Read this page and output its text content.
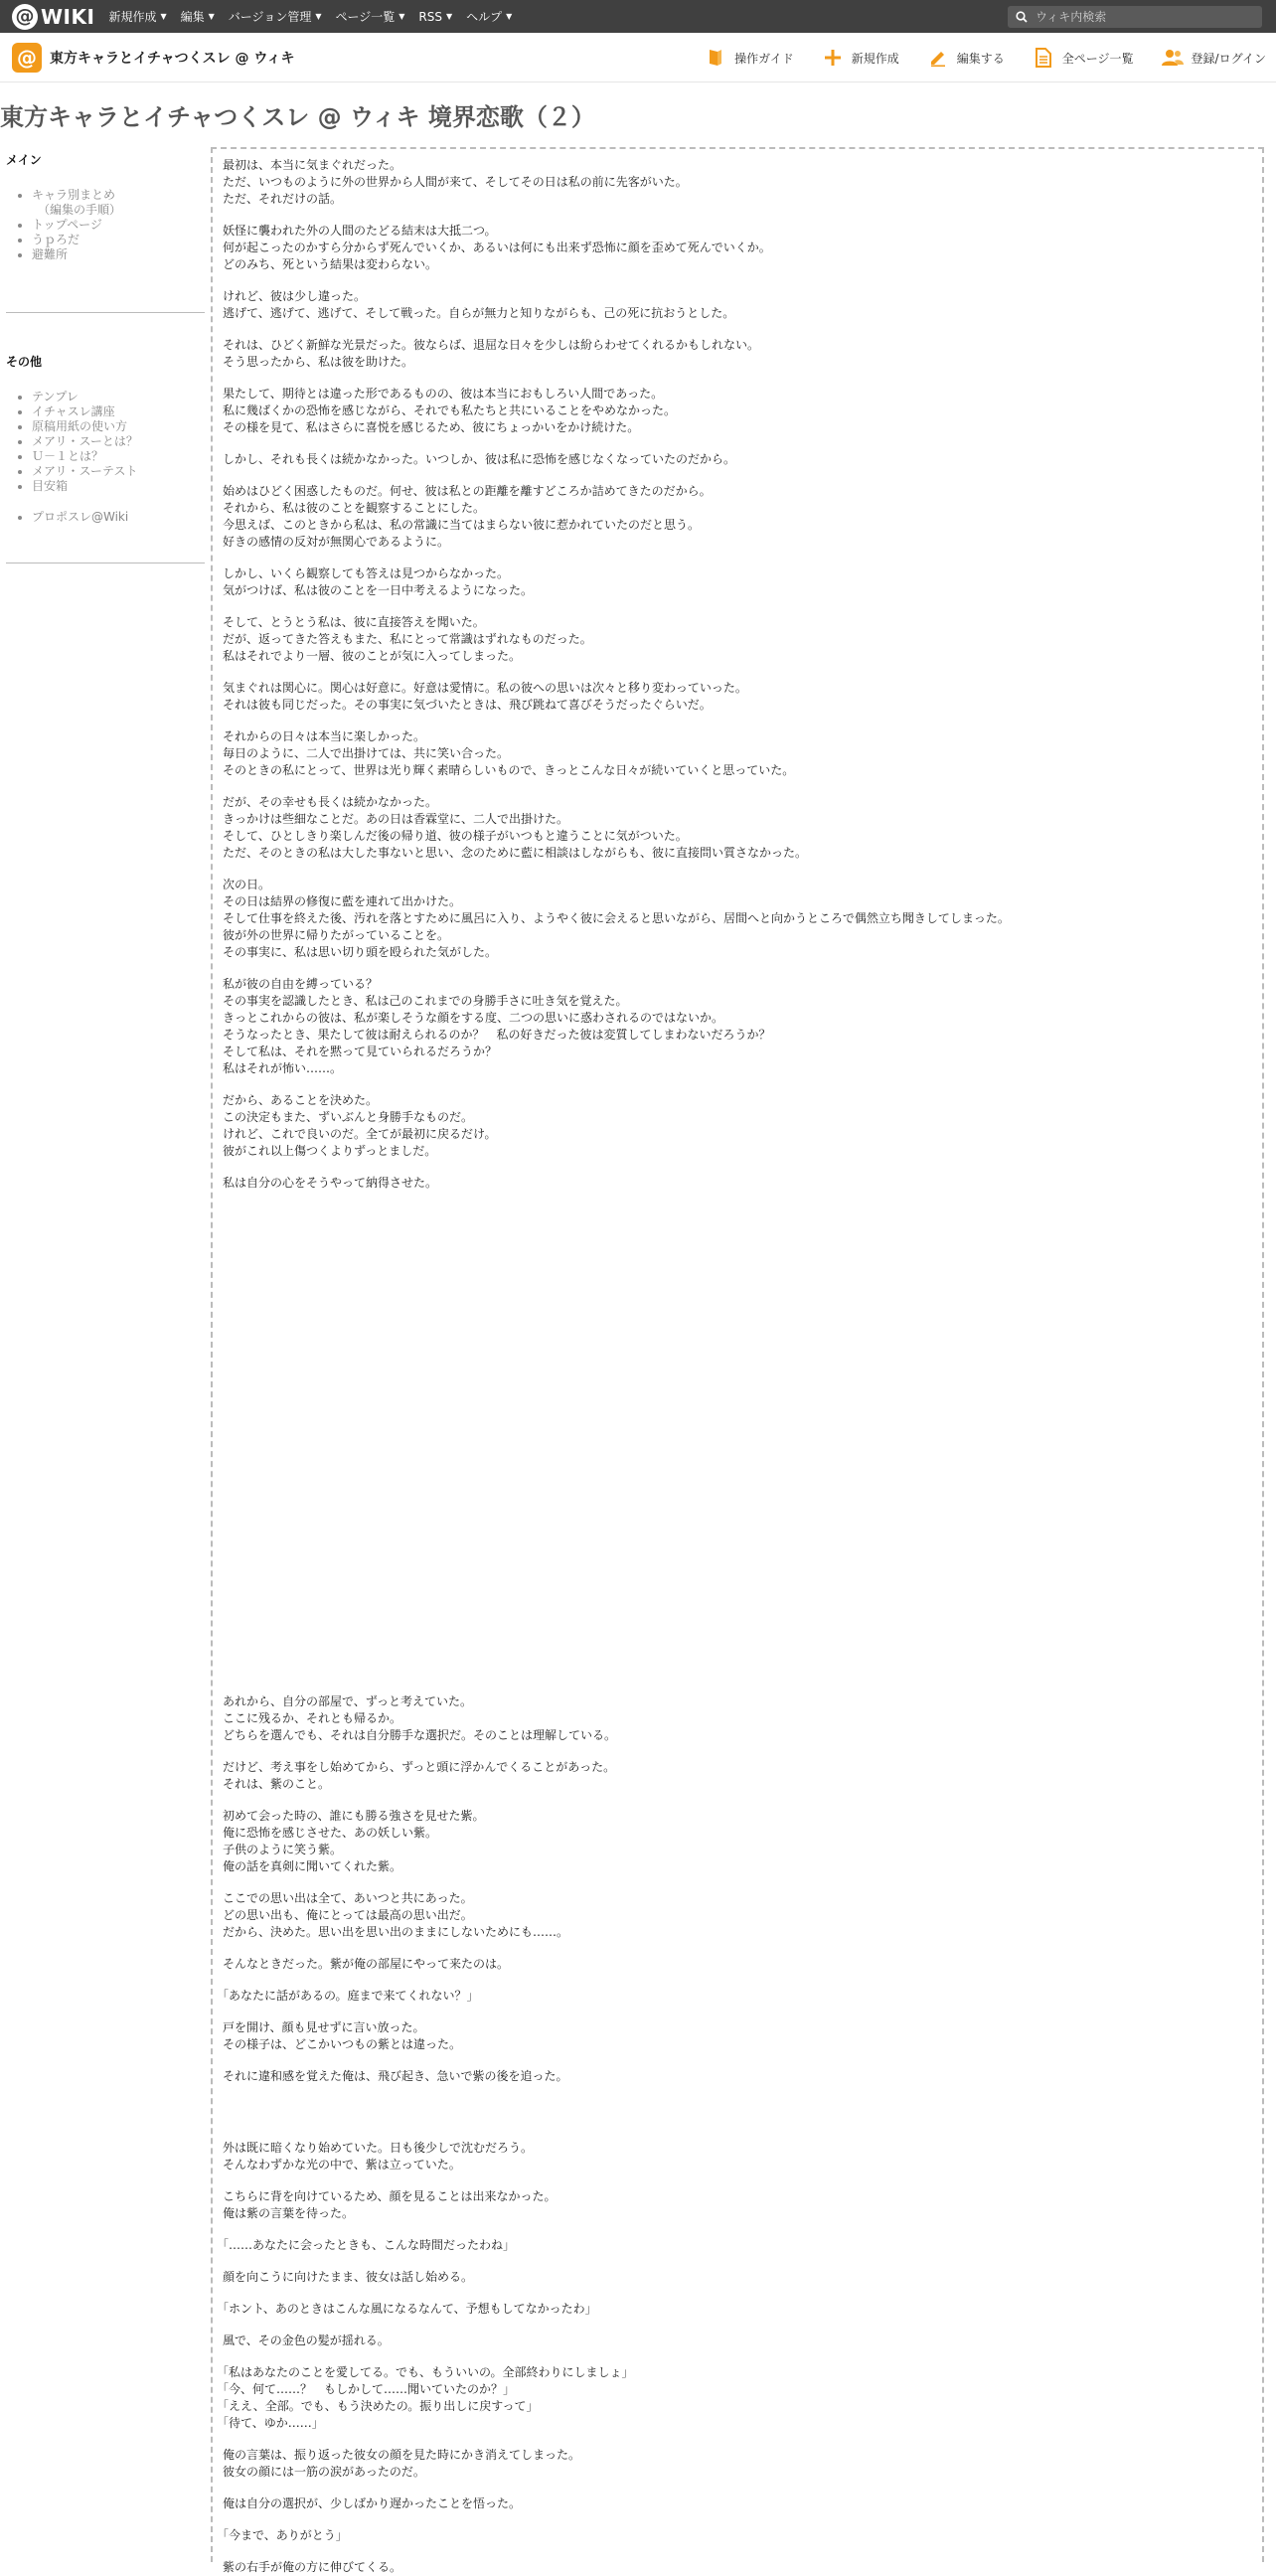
@ WIKI 新規作成 ▼ 編集 ▼ バージョン管理 ▼ ページ一覧 ▼ RSS ▼ ヘルプ ▼
ウィキ内検索
@ 東方キャラとイチャつくスレ @ ウィキ	操作ガイド	新規作成	編集する	全ページ一覧	登録/ログイン
東方キャラとイチャつくスレ @ ウィキ 境界恋歌（２）
メイン
• キャラ別まとめ
（編集の手順）
• トップページ
• うｐろだ
• 避難所
その他
• テンプレ
• イチャスレ講座
• 原稿用紙の使い方
• メアリ・スーとは？
• Ｕ－１とは？
• メアリ・スーテスト
• 目安箱
• プロポスレ@Wiki
最初は、本当に気まぐれだった。
ただ、いつものように外の世界から人間が来て、そしてその日は私の前に先客がいた。
ただ、それだけの話。
妖怪に襲われた外の人間のたどる結末は大抵二つ。
何が起こったのかすら分からず死んでいくか、あるいは何にも出来ず恐怖に顔を歪めて死んでいくか。
どのみち、死という結果は変わらない。
けれど、彼は少し違った。
逃げて、逃げて、逃げて、そして戦った。自らが無力と知りながらも、己の死に抗おうとした。
それは、ひどく新鮮な光景だった。彼ならば、退屈な日々を少しは紛らわせてくれるかもしれない。
そう思ったから、私は彼を助けた。
果たして、期待とは違った形であるものの、彼は本当におもしろい人間であった。
私に幾ばくかの恐怖を感じながら、それでも私たちと共にいることをやめなかった。
その様を見て、私はさらに喜悦を感じるため、彼にちょっかいをかけ続けた。
しかし、それも長くは続かなかった。いつしか、彼は私に恐怖を感じなくなっていたのだから。
始めはひどく困惑したものだ。何せ、彼は私との距離を離すどころか詰めてきたのだから。
それから、私は彼のことを観察することにした。
今思えば、このときから私は、私の常識に当てはまらない彼に惹かれていたのだと思う。
好きの感情の反対が無関心であるように。
しかし、いくら観察しても答えは見つからなかった。
気がつけば、私は彼のことを一日中考えるようになった。
そして、とうとう私は、彼に直接答えを聞いた。
だが、返ってきた答えもまた、私にとって常識はずれなものだった。
私はそれでより一層、彼のことが気に入ってしまった。
気まぐれは関心に。関心は好意に。好意は愛情に。私の彼への思いは次々と移り変わっていった。
それは彼も同じだった。その事実に気づいたときは、飛び跳ねて喜びそうだったぐらいだ。
それからの日々は本当に楽しかった。
毎日のように、二人で出掛けては、共に笑い合った。
そのときの私にとって、世界は光り輝く素晴らしいもので、きっとこんな日々が続いていくと思っていた。
だが、その幸せも長くは続かなかった。
きっかけは些細なことだ。あの日は香霖堂に、二人で出掛けた。
そして、ひとしきり楽しんだ後の帰り道、彼の様子がいつもと違うことに気がついた。
ただ、そのときの私は大した事ないと思い、念のために藍に相談はしながらも、彼に直接問い質さなかった。
次の日。
その日は結界の修復に藍を連れて出かけた。
そして仕事を終えた後、汚れを落とすために風呂に入り、ようやく彼に会えると思いながら、居間へと向かうところで偶然立ち聞きしてしまった。
彼が外の世界に帰りたがっていることを。
その事実に、私は思い切り頭を殴られた気がした。
私が彼の自由を縛っている？
その事実を認識したとき、私は己のこれまでの身勝手さに吐き気を覚えた。
きっとこれからの彼は、私が楽しそうな顔をする度、二つの思いに惑わされるのではないか。
そうなったとき、果たして彼は耐えられるのか？　私の好きだった彼は変質してしまわないだろうか？
そして私は、それを黙って見ていられるだろうか？
私はそれが怖い……。
だから、あることを決めた。
この決定もまた、ずいぶんと身勝手なものだ。
けれど、これで良いのだ。全てが最初に戻るだけ。
彼がこれ以上傷つくよりずっとましだ。
私は自分の心をそうやって納得させた。
あれから、自分の部屋で、ずっと考えていた。
ここに残るか、それとも帰るか。
どちらを選んでも、それは自分勝手な選択だ。そのことは理解している。
だけど、考え事をし始めてから、ずっと頭に浮かんでくることがあった。
それは、紫のこと。
初めて会った時の、誰にも勝る強さを見せた紫。
俺に恐怖を感じさせた、あの妖しい紫。
子供のように笑う紫。
俺の話を真剣に聞いてくれた紫。
ここでの思い出は全て、あいつと共にあった。
どの思い出も、俺にとっては最高の思い出だ。
だから、決めた。思い出を思い出のままにしないためにも……。
そんなときだった。紫が俺の部屋にやって来たのは。
「あなたに話があるの。庭まで来てくれない？」
戸を開け、顔も見せずに言い放った。
その様子は、どこかいつもの紫とは違った。
それに違和感を覚えた俺は、飛び起き、急いで紫の後を追った。
外は既に暗くなり始めていた。日も後少しで沈むだろう。
そんなわずかな光の中で、紫は立っていた。
こちらに背を向けているため、顔を見ることは出来なかった。
俺は紫の言葉を待った。
「……あなたに会ったときも、こんな時間だったわね」
顔を向こうに向けたまま、彼女は話し始める。
「ホント、あのときはこんな風になるなんて、予想もしてなかったわ」
風で、その金色の髪が揺れる。
「私はあなたのことを愛してる。でも、もういいの。全部終わりにしましょ」
「今、何て……？　もしかして……聞いていたのか？」
「ええ、全部。でも、もう決めたの。振り出しに戻すって」
「待て、ゆか……」
俺の言葉は、振り返った彼女の顔を見た時にかき消えてしまった。
彼女の顔には一筋の涙があったのだ。
俺は自分の選択が、少しばかり遅かったことを悟った。
「今まで、ありがとう」
紫の右手が俺の方に伸びてくる。
